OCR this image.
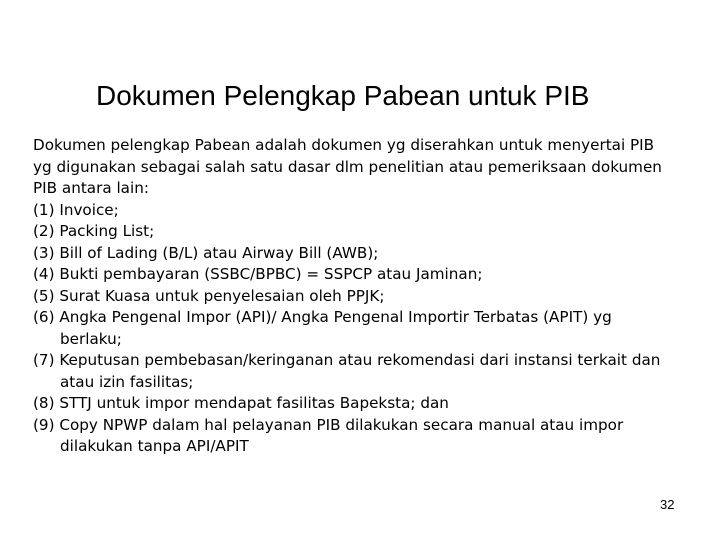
Dokumen Pelengkap Pabean untuk PIB
Dokumen pelengkap Pabean adalah dokumen yg diserahkan untuk menyertai PIB
yg digunakan sebagai salah satu dasar dlm penelitian atau pemeriksaan dokumen
PIB antara lain:
(1) Invoice;
(2) Packing List;
(3) Bill of Lading (B/L) atau Airway Bill (AWB);
(4) Bukti pembayaran (SSBC/BPBC) = SSPCP atau Jaminan;
(5) Surat Kuasa untuk penyelesaian oleh PPJK;
(6) Angka Pengenal Impor (API)/ Angka Pengenal Importir Terbatas (APIT) yg
berlaku;
(7) Keputusan pembebasan/keringanan atau rekomendasi dari instansi terkait dan
atau izin fasilitas;
(8) STTJ untuk impor mendapat fasilitas Bapeksta; dan
(9) Copy NPWP dalam hal pelayanan PIB dilakukan secara manual atau impor
dilakukan tanpa API/APIT
32
